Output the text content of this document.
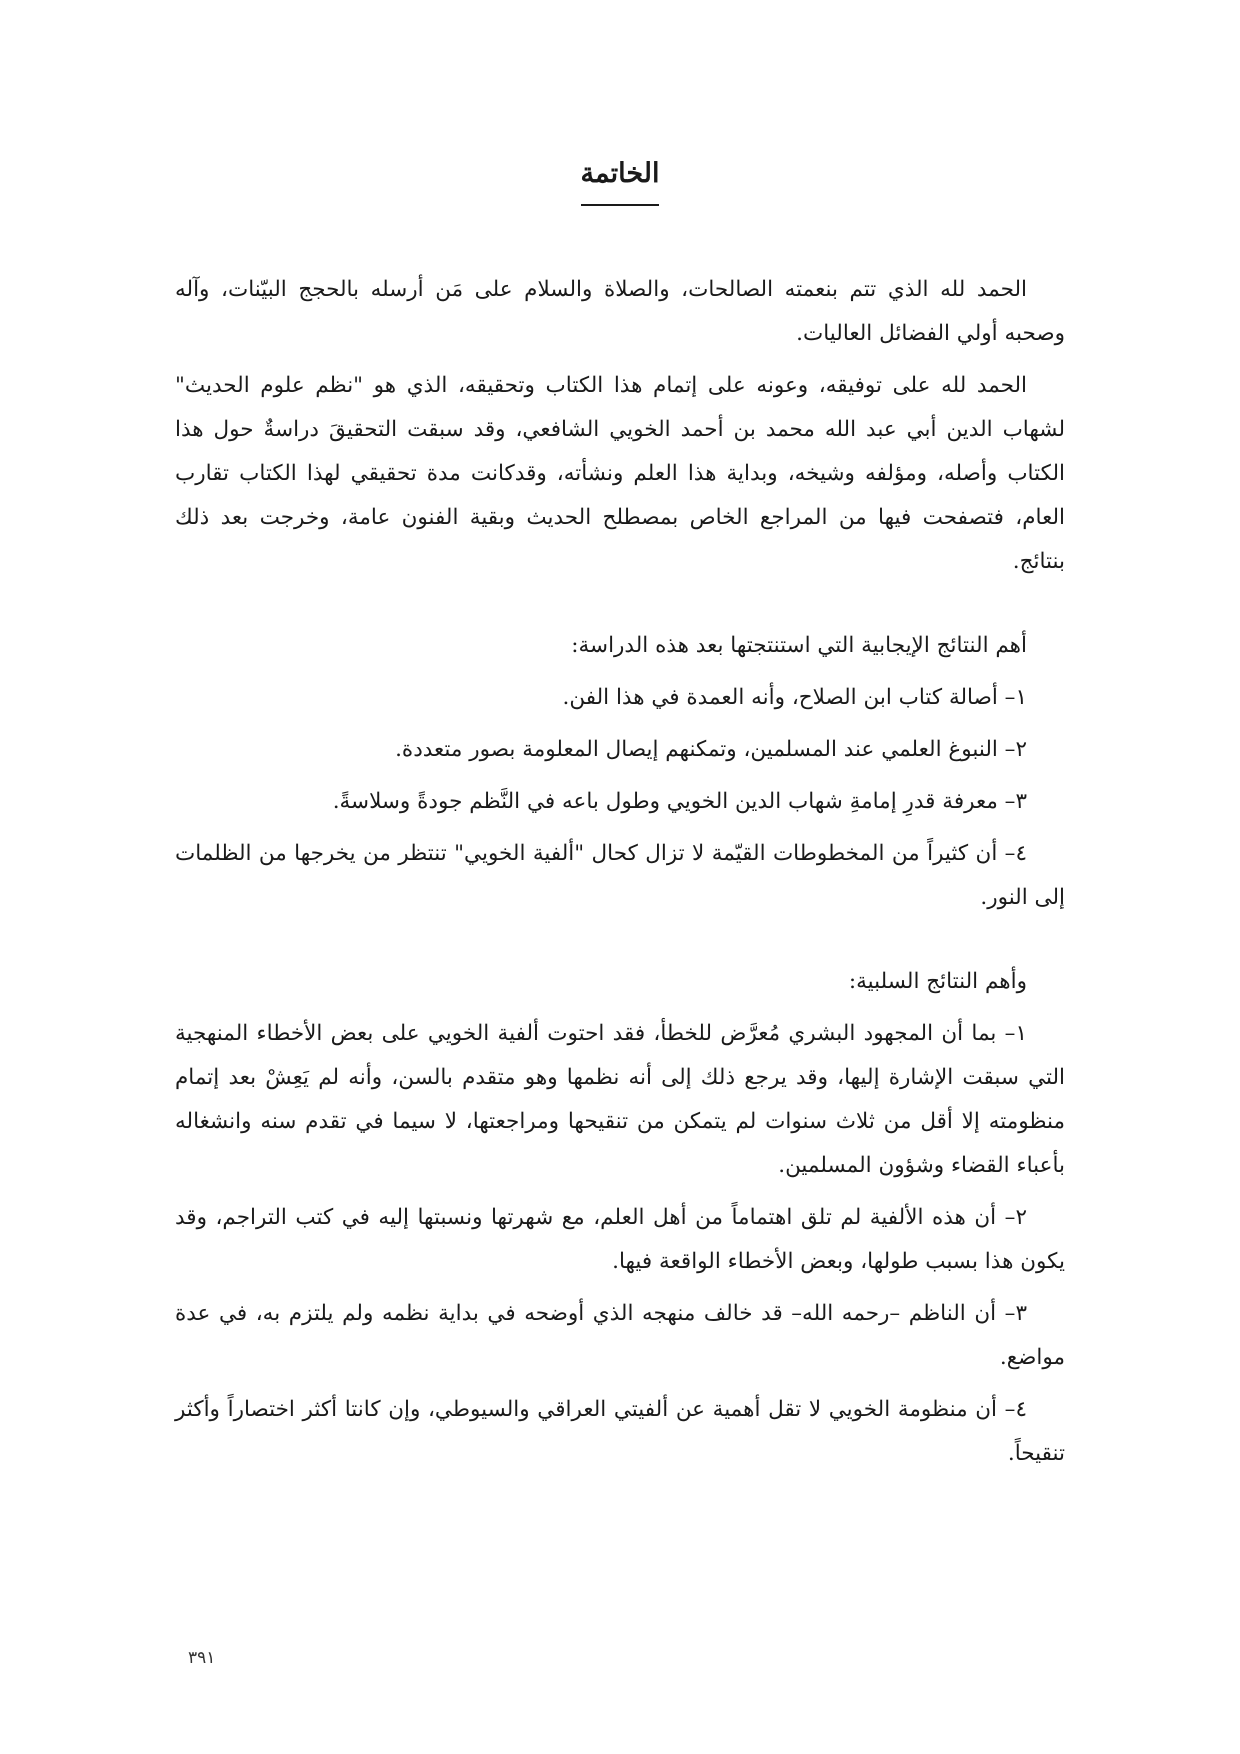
الخاتمة

الحمد لله الذي تتم بنعمته الصالحات، والصلاة والسلام على مَن أرسله بالحجج البيّنات، وآله وصحبه أولي الفضائل العاليات.

الحمد لله على توفيقه، وعونه على إتمام هذا الكتاب وتحقيقه، الذي هو "نظم علوم الحديث" لشهاب الدين أبي عبد الله محمد بن أحمد الخويي الشافعي، وقد سبقت التحقيقَ دراسةٌ حول هذا الكتاب وأصله، ومؤلفه وشيخه، وبداية هذا العلم ونشأته، وقدكانت مدة تحقيقي لهذا الكتاب تقارب العام، فتصفحت فيها من المراجع الخاص بمصطلح الحديث وبقية الفنون عامة، وخرجت بعد ذلك بنتائج.

أهم النتائج الإيجابية التي استنتجتها بعد هذه الدراسة:

١– أصالة كتاب ابن الصلاح، وأنه العمدة في هذا الفن.

٢– النبوغ العلمي عند المسلمين، وتمكنهم إيصال المعلومة بصور متعددة.

٣– معرفة قدرِ إمامةِ شهاب الدين الخويي وطول باعه في النَّظم جودةً وسلاسةً.

٤– أن كثيراً من المخطوطات القيّمة لا تزال كحال "ألفية الخويي" تنتظر من يخرجها من الظلمات إلى النور.

وأهم النتائج السلبية:

١– بما أن المجهود البشري مُعرَّض للخطأ، فقد احتوت ألفية الخويي على بعض الأخطاء المنهجية التي سبقت الإشارة إليها، وقد يرجع ذلك إلى أنه نظمها وهو متقدم بالسن، وأنه لم يَعِشْ بعد إتمام منظومته إلا أقل من ثلاث سنوات لم يتمكن من تنقيحها ومراجعتها، لا سيما في تقدم سنه وانشغاله بأعباء القضاء وشؤون المسلمين.

٢– أن هذه الألفية لم تلق اهتماماً من أهل العلم، مع شهرتها ونسبتها إليه في كتب التراجم، وقد يكون هذا بسبب طولها، وبعض الأخطاء الواقعة فيها.

٣– أن الناظم –رحمه الله– قد خالف منهجه الذي أوضحه في بداية نظمه ولم يلتزم به، في عدة مواضع.

٤– أن منظومة الخويي لا تقل أهمية عن ألفيتي العراقي والسيوطي، وإن كانتا أكثر اختصاراً وأكثر تنقيحاً.

٣٩١
